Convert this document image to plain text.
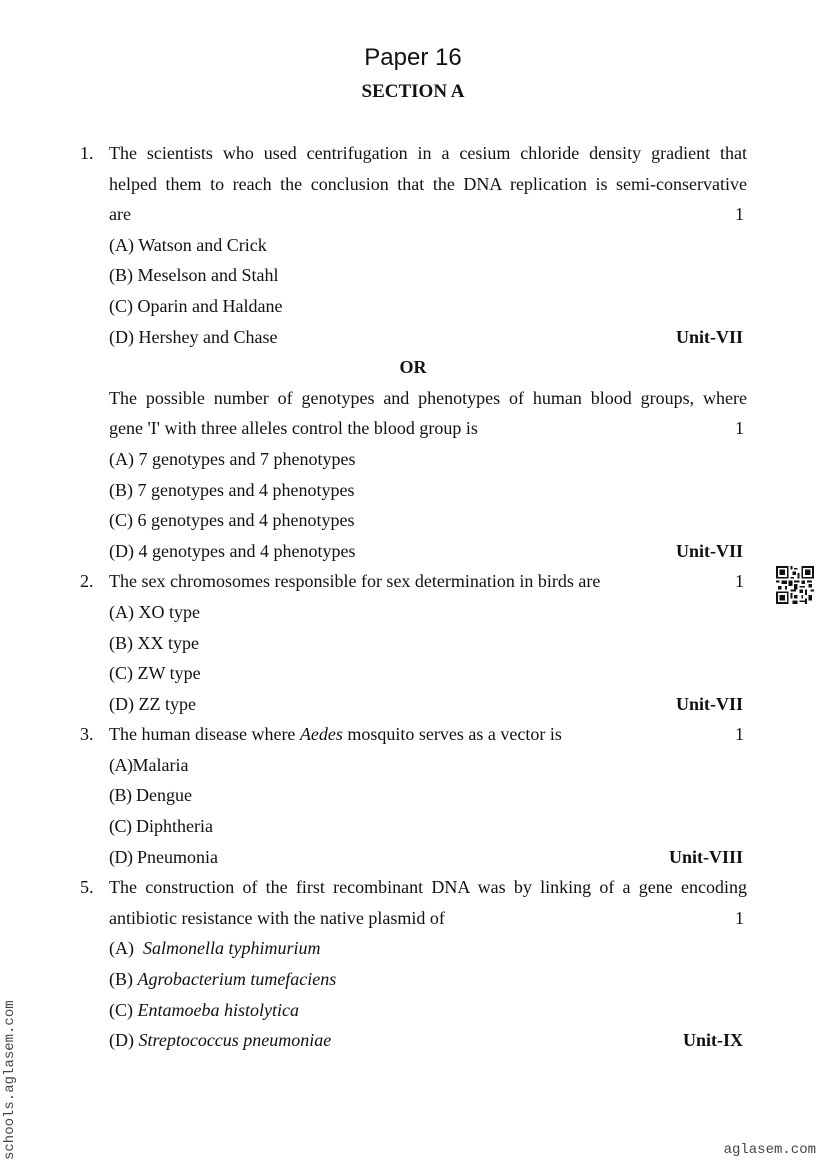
Paper 16
SECTION A
1. The scientists who used centrifugation in a cesium chloride density gradient that
helped them to reach the conclusion that the DNA replication is semi-conservative
are	1
(A) Watson and Crick
(B) Meselson and Stahl
(C) Oparin and Haldane
(D) Hershey and Chase	Unit-VII
OR
The possible number of genotypes and phenotypes of human blood groups, where
gene 'I' with three alleles control the blood group is	1
(A) 7 genotypes and 7 phenotypes
(B) 7 genotypes and 4 phenotypes
(C) 6 genotypes and 4 phenotypes
(D) 4 genotypes and 4 phenotypes	Unit-VII
2. The sex chromosomes responsible for sex determination in birds are	1
(A) XO type
(B) XX type
(C) ZW type
(D) ZZ type	Unit-VII
3. The human disease where Aedes mosquito serves as a vector is	1
(A)Malaria
(B) Dengue
(C) Diphtheria
(D) Pneumonia	Unit-VIII
5. The construction of the first recombinant DNA was by linking of a gene encoding
antibiotic resistance with the native plasmid of	1
(A) Salmonella typhimurium
(B) Agrobacterium tumefaciens
(C) Entamoeba histolytica
(D) Streptococcus pneumoniae	Unit-IX
schools.aglasem.com	aglasem.com
